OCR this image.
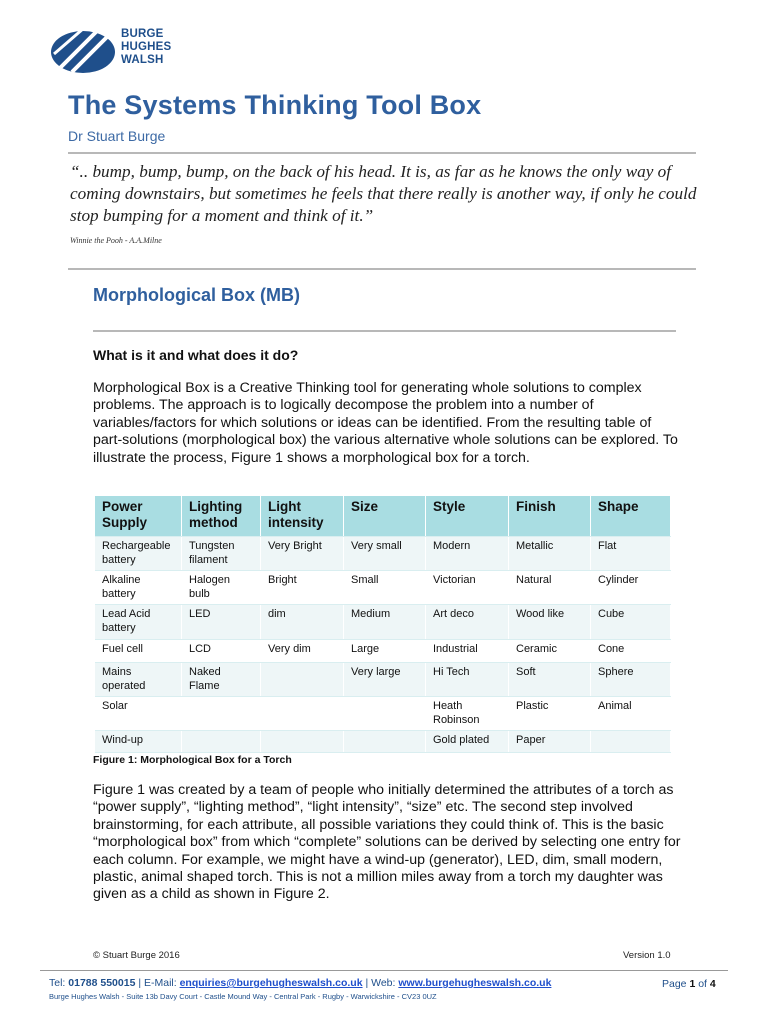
BURGE
HUGHES
WALSH
The Systems Thinking Tool Box
Dr Stuart Burge
“.. bump, bump, bump, on the back of his head. It is, as far as he knows the only way of coming downstairs, but sometimes he feels that there really is another way, if only he could stop bumping for a moment and think of it.”
Winnie the Pooh - A.A.Milne
Morphological Box (MB)
What is it and what does it do?

Morphological Box is a Creative Thinking tool for generating whole solutions to complex problems. The approach is to logically decompose the problem into a number of variables/factors for which solutions or ideas can be identified. From the resulting table of part-solutions (morphological box) the various alternative whole solutions can be explored. To illustrate the process, Figure 1 shows a morphological box for a torch.

Power Supply	Lighting method	Light intensity	Size	Style	Finish	Shape
Rechargeable battery	Tungsten filament	Very Bright	Very small	Modern	Metallic	Flat
Alkaline battery	Halogen bulb	Bright	Small	Victorian	Natural	Cylinder
Lead Acid battery	LED	dim	Medium	Art deco	Wood like	Cube
Fuel cell	LCD	Very dim	Large	Industrial	Ceramic	Cone
Mains operated	Naked Flame		Very large	Hi Tech	Soft	Sphere
Solar				Heath Robinson	Plastic	Animal
Wind-up				Gold plated	Paper	
Figure 1: Morphological Box for a Torch

Figure 1 was created by a team of people who initially determined the attributes of a torch as “power supply”, “lighting method”, “light intensity”, “size” etc. The second step involved brainstorming, for each attribute, all possible variations they could think of. This is the basic “morphological box” from which “complete” solutions can be derived by selecting one entry for each column. For example, we might have a wind-up (generator), LED, dim, small modern, plastic, animal shaped torch. This is not a million miles away from a torch my daughter was given as a child as shown in Figure 2.

© Stuart Burge 2016	Version 1.0
Tel: 01788 550015 | E-Mail: enquiries@burgehugheswalsh.co.uk | Web: www.burgehugheswalsh.co.uk
Burge Hughes Walsh - Suite 13b Davy Court - Castle Mound Way - Central Park - Rugby - Warwickshire - CV23 0UZ
Page 1 of 4
